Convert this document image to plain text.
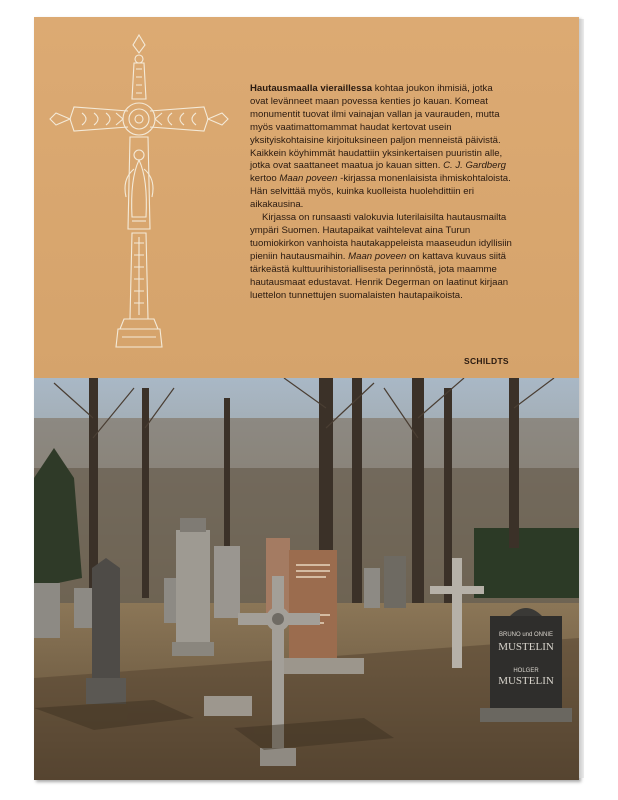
Hautausmaalla vieraillessa kohtaa joukon ihmisiä, jotka ovat levänneet maan povessa kenties jo kauan. Komeat monumentit tuovat ilmi vainajan vallan ja vaurauden, mutta myös vaatimattomammat haudat kertovat usein yksityiskohtaisine kirjoituksineen paljon menneistä päivistä. Kaikkein köyhimmät haudattiin yksinkertaisen puuristin alle, jotka ovat saattaneet maatua jo kauan sitten. C. J. Gardberg kertoo Maan poveen -kirjassa monenlaisista ihmiskohtaloista. Hän selvittää myös, kuinka kuolleista huolehdittiin eri aikakausina.

Kirjassa on runsaasti valokuvia luterilaisilta hautausmailta ympäri Suomen. Hautapaikat vaihtelevat aina Turun tuomiokirkon vanhoista hautakappeleista maaseudun idyllisiin pieniin hautausmaihin. Maan poveen on kattava kuvaus siitä tärkeästä kulttuurihistoriallisesta perinnöstä, jota maamme hautausmaat edustavat. Henrik Degerman on laatinut kirjaan luettelon tunnettujen suomalaisten hautapaikoista.

SCHILDTS
BRUNO und ONNIE
MUSTELIN
HOLGER
MUSTELIN
